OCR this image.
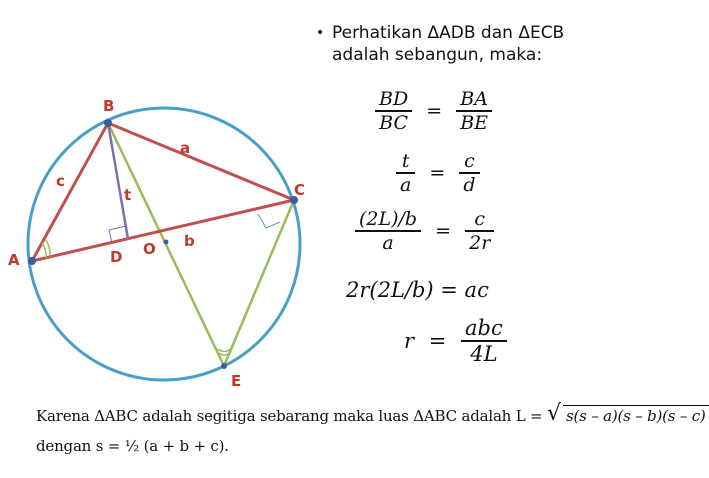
B
A
C
D O
E
a
b
c
t
• Perhatikan ΔADB dan ΔECB adalah sebangun, maka:
$\frac{BD}{BC} = \frac{BA}{BE}$
$\frac{t}{a} = \frac{c}{d}$
$\frac{(2L)/b}{a} = \frac{c}{2r}$
2r(2L/b) = ac
$r = \frac{\text{abc}}{4L}$
Karena ΔABC adalah segitiga sebarang maka luas ΔABC adalah L = √ s(s – a)(s – b)(s – c)
dengan s = ½ (a + b + c).
